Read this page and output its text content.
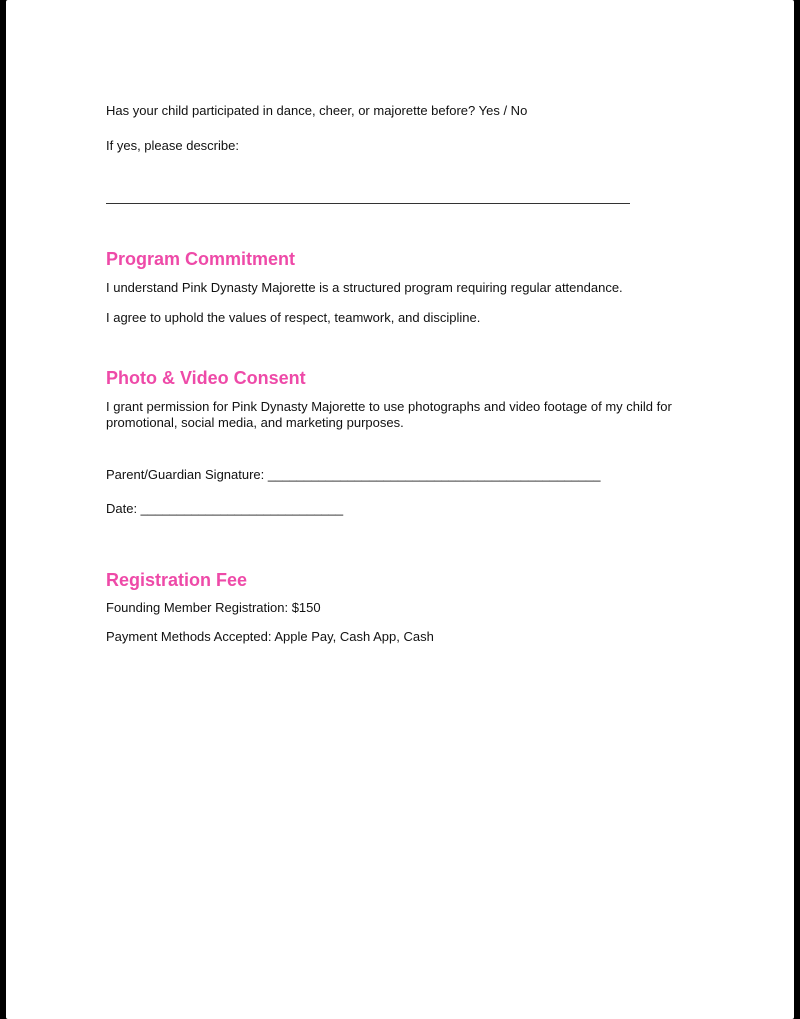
Has your child participated in dance, cheer, or majorette before? Yes / No

If yes, please describe:

Program Commitment

I understand Pink Dynasty Majorette is a structured program requiring regular attendance.

I agree to uphold the values of respect, teamwork, and discipline.

Photo & Video Consent

I grant permission for Pink Dynasty Majorette to use photographs and video footage of my child for promotional, social media, and marketing purposes.

Parent/Guardian Signature: ______________________________________________

Date: ____________________________

Registration Fee

Founding Member Registration: $150

Payment Methods Accepted: Apple Pay, Cash App, Cash
